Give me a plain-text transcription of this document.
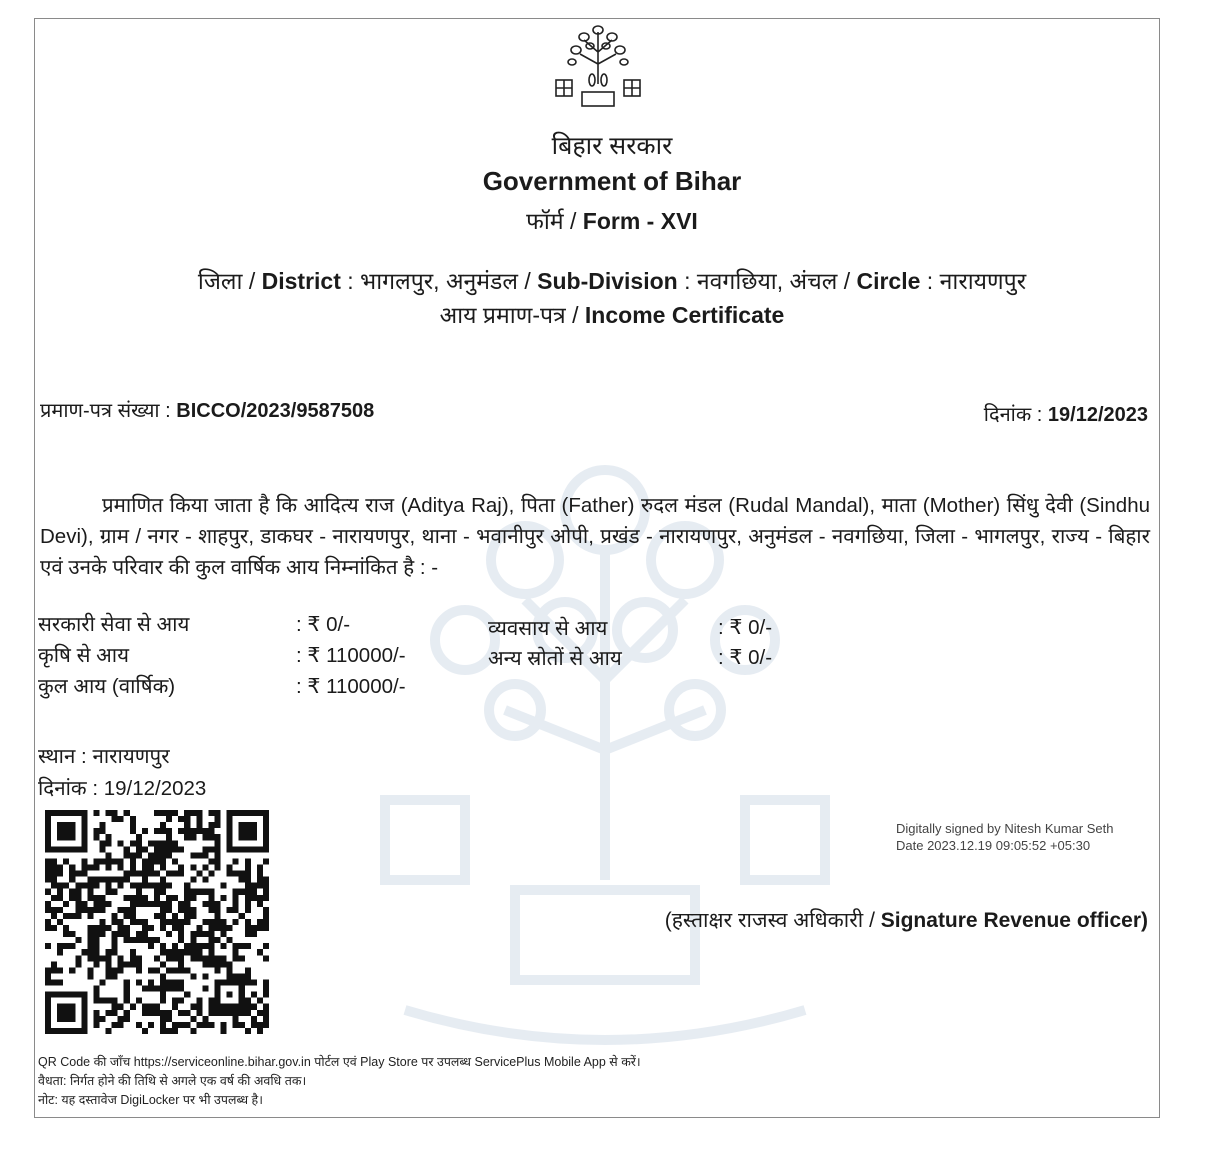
बिहार सरकार
Government of Bihar
फॉर्म / Form - XVI
जिला / District : भागलपुर, अनुमंडल / Sub-Division : नवगछिया, अंचल / Circle : नारायणपुर
आय प्रमाण-पत्र / Income Certificate
प्रमाण-पत्र संख्या : BICCO/2023/9587508	दिनांक : 19/12/2023
प्रमाणित किया जाता है कि आदित्य राज (Aditya Raj), पिता (Father) रुदल मंडल (Rudal Mandal), माता (Mother) सिंधु देवी (Sindhu Devi), ग्राम / नगर - शाहपुर, डाकघर - नारायणपुर, थाना - भवानीपुर ओपी, प्रखंड - नारायणपुर, अनुमंडल - नवगछिया, जिला - भागलपुर, राज्य - बिहार एवं उनके परिवार की कुल वार्षिक आय निम्नांकित है : -
सरकारी सेवा से आय	: ₹ 0/-	व्यवसाय से आय	: ₹ 0/-
कृषि से आय	: ₹ 110000/-	अन्य स्रोतों से आय	: ₹ 0/-
कुल आय (वार्षिक)	: ₹ 110000/-
स्थान : नारायणपुर
दिनांक : 19/12/2023
Digitally signed by Nitesh Kumar Seth
Date 2023.12.19 09:05:52 +05:30
(हस्ताक्षर राजस्व अधिकारी / Signature Revenue officer)
QR Code की जाँच https://serviceonline.bihar.gov.in पोर्टल एवं Play Store पर उपलब्ध ServicePlus Mobile App से करें।
वैधता: निर्गत होने की तिथि से अगले एक वर्ष की अवधि तक।
नोट: यह दस्तावेज DigiLocker पर भी उपलब्ध है।
